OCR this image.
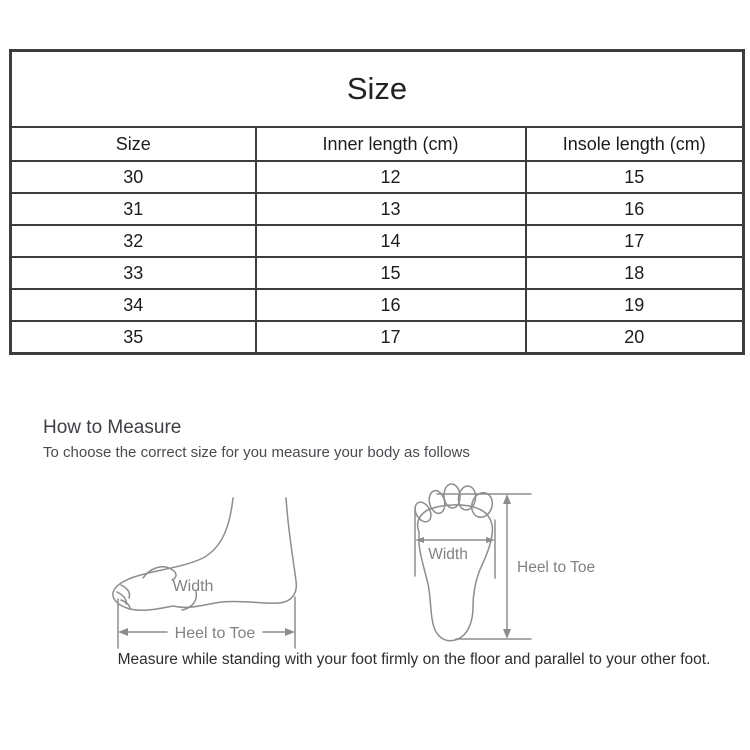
Size		
Size	Inner length (cm)	Insole length (cm)
30	12	15
31	13	16
32	14	17
33	15	18
34	16	19
35	17	20
How to Measure
To choose the correct size for you measure your body as follows
Width
Heel to Toe
Width
Heel to Toe
Measure while standing with your foot firmly on the floor and parallel to your other foot.
